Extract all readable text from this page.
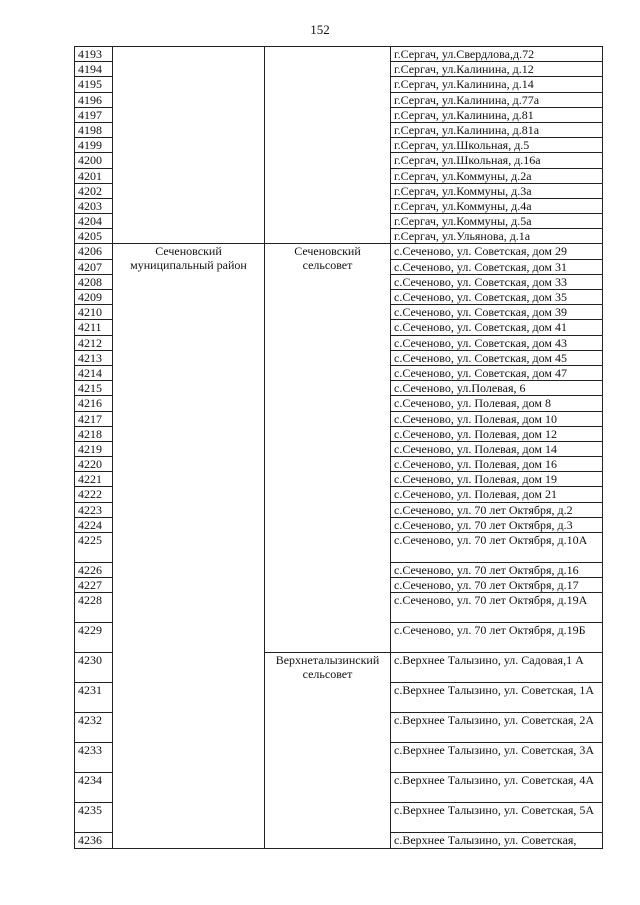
152
4193			г.Сергач, ул.Свердлова,д.72
4194			г.Сергач, ул.Калинина, д.12
4195			г.Сергач, ул.Калинина, д.14
4196			г.Сергач, ул.Калинина, д.77а
4197			г.Сергач, ул.Калинина, д.81
4198			г.Сергач, ул.Калинина, д.81а
4199			г.Сергач, ул.Школьная, д.5
4200			г.Сергач, ул.Школьная, д.16а
4201			г.Сергач, ул.Коммуны, д.2а
4202			г.Сергач, ул.Коммуны, д.3а
4203			г.Сергач, ул.Коммуны, д.4а
4204			г.Сергач, ул.Коммуны, д.5а
4205			г.Сергач, ул.Ульянова, д.1а
4206	Сеченовский муниципальный район	Сеченовский сельсовет	с.Сеченово, ул. Советская, дом 29
4207			с.Сеченово, ул. Советская, дом 31
4208			с.Сеченово, ул. Советская, дом 33
4209			с.Сеченово, ул. Советская, дом 35
4210			с.Сеченово, ул. Советская, дом 39
4211			с.Сеченово, ул. Советская, дом 41
4212			с.Сеченово, ул. Советская, дом 43
4213			с.Сеченово, ул. Советская, дом 45
4214			с.Сеченово, ул. Советская, дом 47
4215			с.Сеченово, ул.Полевая, 6
4216			с.Сеченово, ул. Полевая, дом 8
4217			с.Сеченово, ул. Полевая, дом 10
4218			с.Сеченово, ул. Полевая, дом 12
4219			с.Сеченово, ул. Полевая, дом 14
4220			с.Сеченово, ул. Полевая, дом 16
4221			с.Сеченово, ул. Полевая, дом 19
4222			с.Сеченово, ул. Полевая, дом 21
4223			с.Сеченово, ул. 70 лет Октября, д.2
4224			с.Сеченово, ул. 70 лет Октября, д.3
4225			с.Сеченово, ул. 70 лет Октября, д.10А
4226			с.Сеченово, ул. 70 лет Октября, д.16
4227			с.Сеченово, ул. 70 лет Октября, д.17
4228			с.Сеченово, ул. 70 лет Октября, д.19А
4229			с.Сеченово, ул. 70 лет Октября, д.19Б
4230		Верхнеталызинский сельсовет	с.Верхнее Талызино, ул. Садовая,1 А
4231			с.Верхнее Талызино, ул. Советская, 1А
4232			с.Верхнее Талызино, ул. Советская, 2А
4233			с.Верхнее Талызино, ул. Советская, 3А
4234			с.Верхнее Талызино, ул. Советская, 4А
4235			с.Верхнее Талызино, ул. Советская, 5А
4236			с.Верхнее Талызино, ул. Советская,
